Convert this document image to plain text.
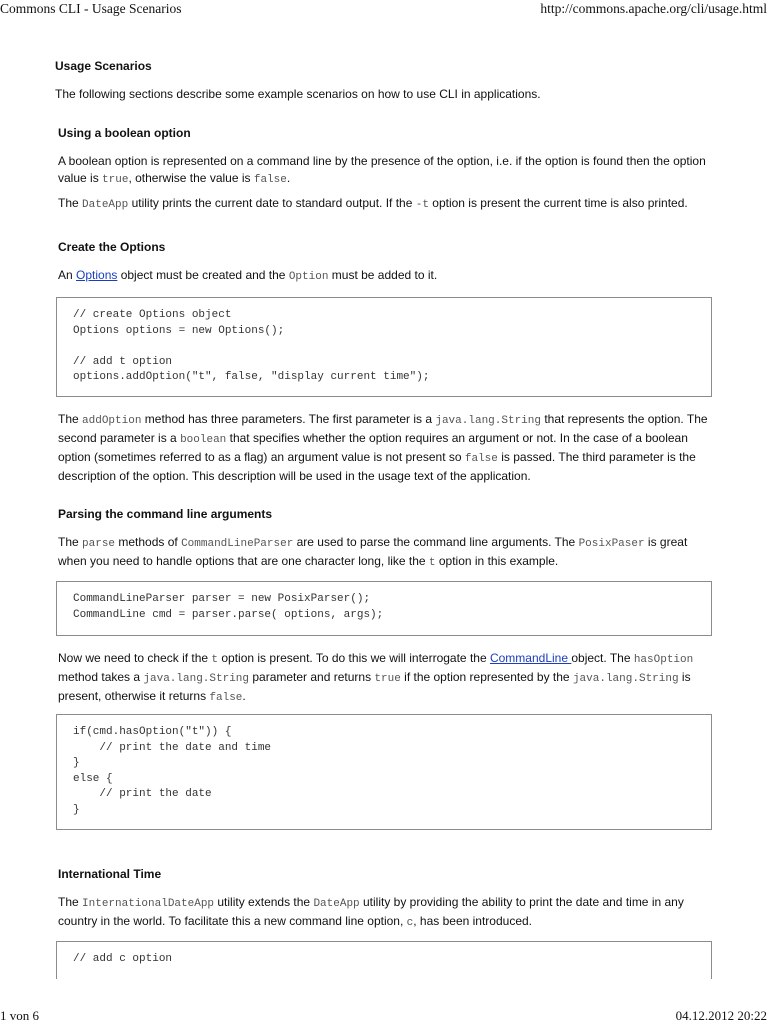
Commons CLI - Usage Scenarios	http://commons.apache.org/cli/usage.html
Usage Scenarios

The following sections describe some example scenarios on how to use CLI in applications.

Using a boolean option

A boolean option is represented on a command line by the presence of the option, i.e. if the option is found then the option value is true, otherwise the value is false.

The DateApp utility prints the current date to standard output. If the -t option is present the current time is also printed.

Create the Options

An Options object must be created and the Option must be added to it.

// create Options object
Options options = new Options();
// add t option
options.addOption("t", false, "display current time");

The addOption method has three parameters. The first parameter is a java.lang.String that represents the option. The second parameter is a boolean that specifies whether the option requires an argument or not. In the case of a boolean option (sometimes referred to as a flag) an argument value is not present so false is passed. The third parameter is the description of the option. This description will be used in the usage text of the application.

Parsing the command line arguments

The parse methods of CommandLineParser are used to parse the command line arguments. The PosixPaser is great when you need to handle options that are one character long, like the t option in this example.

CommandLineParser parser = new PosixParser();
CommandLine cmd = parser.parse( options, args);

Now we need to check if the t option is present. To do this we will interrogate the CommandLine object. The hasOption method takes a java.lang.String parameter and returns true if the option represented by the java.lang.String is present, otherwise it returns false.

if(cmd.hasOption("t")) {
// print the date and time
}
else {
// print the date
}
International Time

The InternationalDateApp utility extends the DateApp utility by providing the ability to print the date and time in any country in the world. To facilitate this a new command line option, c, has been introduced.

// add c option
1 von 6	04.12.2012 20:22
